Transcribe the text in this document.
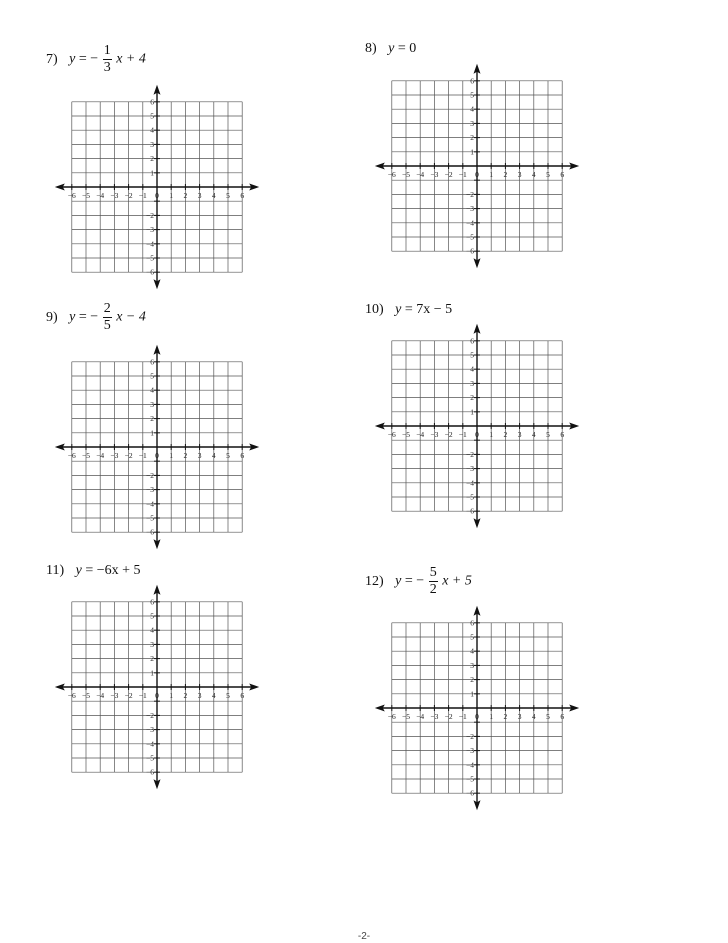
7) y = − $\frac{1}{3}$ x + 4
−6 −5 −4 −3 −2 −1 0 1 2 3 4 5 6
1
2
3
4
5
6
−2
−3
−4
−5
−6
8) y = 0
−6 −5 −4 −3 −2 −1 0 1 2 3 4 5 6
1
2
3
4
5
6
−2
−3
−4
−5
−6
9) y = − $\frac{2}{5}$ x − 4
−6 −5 −4 −3 −2 −1 0 1 2 3 4 5 6
1
2
3
4
5
6
−2
−3
−4
−5
−6
10) y = 7x − 5
−6 −5 −4 −3 −2 −1 0 1 2 3 4 5 6
1
2
3
4
5
6
−2
−3
−4
−5
−6
11) y = −6x + 5
−6 −5 −4 −3 −2 −1 0 1 2 3 4 5 6
1
2
3
4
5
6
−2
−3
−4
−5
−6
12) y = − $\frac{5}{2}$ x + 5
−6 −5 −4 −3 −2 −1 0 1 2 3 4 5 6
1
2
3
4
5
6
−2
−3
−4
−5
−6
-2-
